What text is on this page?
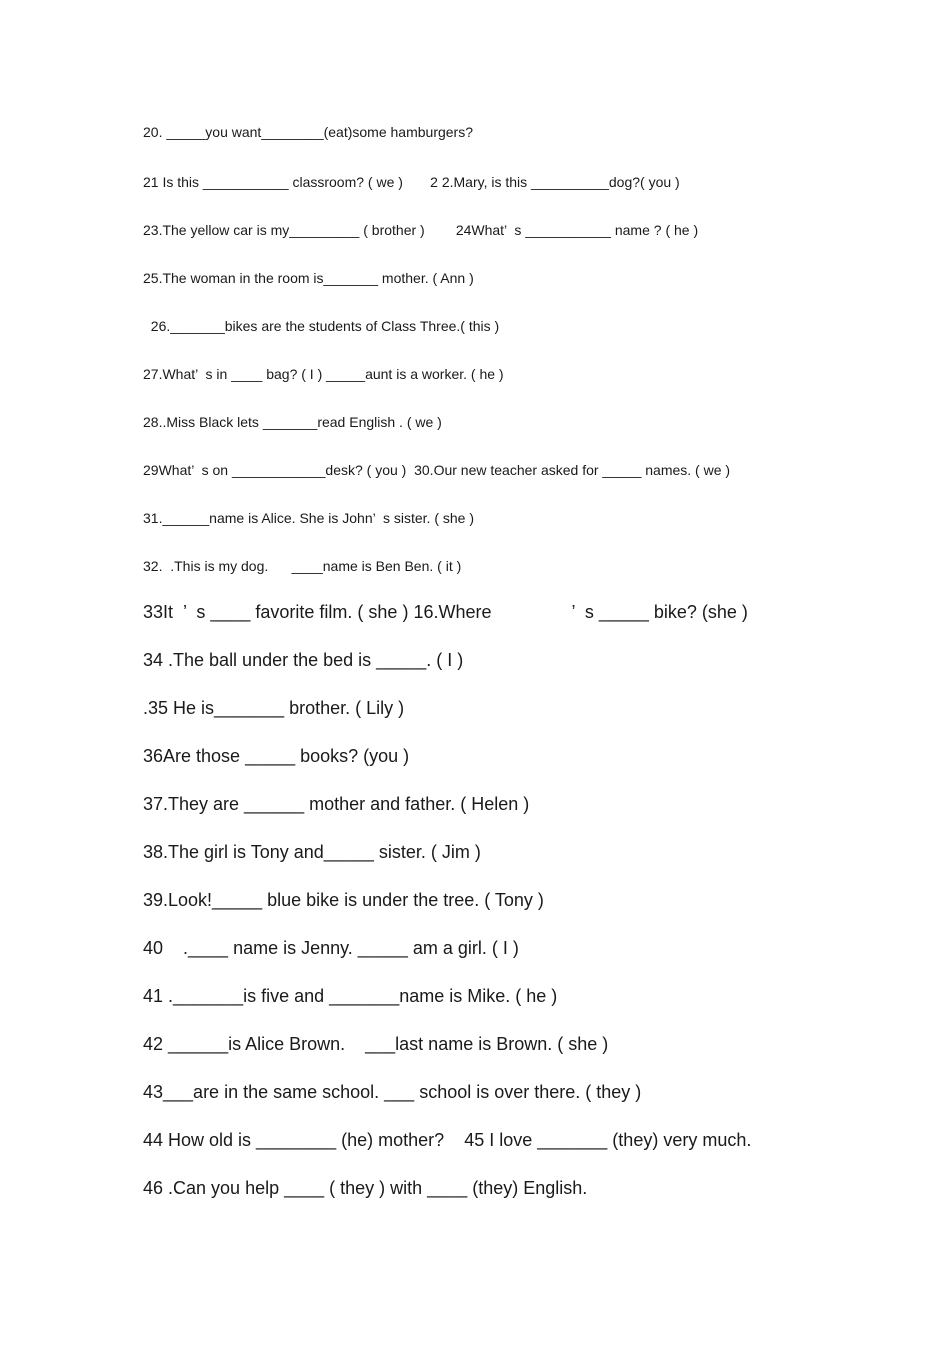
20. _____you want________(eat)some hamburgers?

21 Is this ___________ classroom? ( we )       2 2.Mary, is this __________dog?( you )

23.The yellow car is my_________ ( brother )        24What’  s ___________ name ? ( he )

25.The woman in the room is_______ mother. ( Ann )

26._______bikes are the students of Class Three.( this )

27.What’  s in ____ bag? ( I ) _____aunt is a worker. ( he )

28..Miss Black lets _______read English . ( we )

29What’  s on ____________desk? ( you )  30.Our new teacher asked for _____ names. ( we )

31.______name is Alice. She is John’  s sister. ( she )

32.  .This is my dog.      ____name is Ben Ben. ( it )

33It  ’  s ____ favorite film. ( she ) 16.Where                ’  s _____ bike? (she )

34 .The ball under the bed is _____. ( I )

.35 He is_______ brother. ( Lily )

36Are those _____ books? (you )

37.They are ______ mother and father. ( Helen )

38.The girl is Tony and_____ sister. ( Jim )

39.Look!_____ blue bike is under the tree. ( Tony )

40    .____ name is Jenny. _____ am a girl. ( I )

41 ._______is five and _______name is Mike. ( he )

42 ______is Alice Brown.    ___last name is Brown. ( she )

43___are in the same school. ___ school is over there. ( they )

44 How old is ________ (he) mother?    45 I love _______ (they) very much.

46 .Can you help ____ ( they ) with ____ (they) English.
